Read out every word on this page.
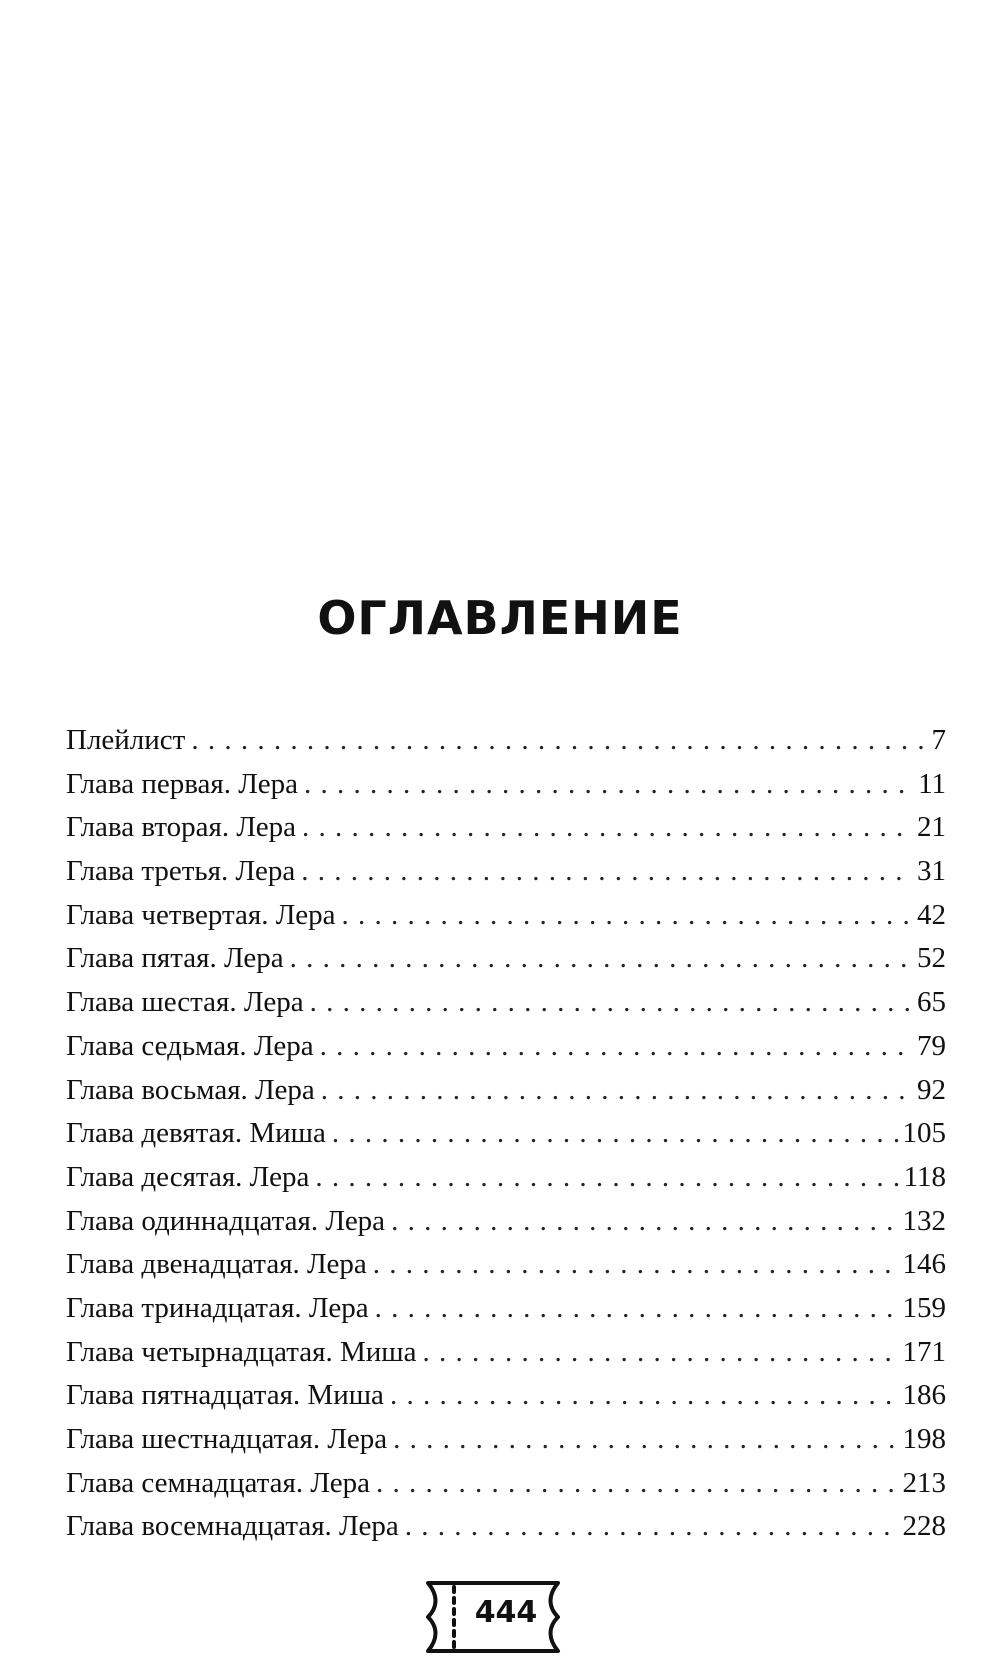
ОГЛАВЛЕНИЕ
Плейлист . . .	7
Глава первая. Лера . . .	11
Глава вторая. Лера . . .	21
Глава третья. Лера . . .	31
Глава четвертая. Лера . . .	42
Глава пятая. Лера . . .	52
Глава шестая. Лера . . .	65
Глава седьмая. Лера . . .	79
Глава восьмая. Лера . . .	92
Глава девятая. Миша . . .	105
Глава десятая. Лера . . .	118
Глава одиннадцатая. Лера . . .	132
Глава двенадцатая. Лера . . .	146
Глава тринадцатая. Лера . . .	159
Глава четырнадцатая. Миша . . .	171
Глава пятнадцатая. Миша . . .	186
Глава шестнадцатая. Лера . . .	198
Глава семнадцатая. Лера . . .	213
Глава восемнадцатая. Лера . . .	228
444
